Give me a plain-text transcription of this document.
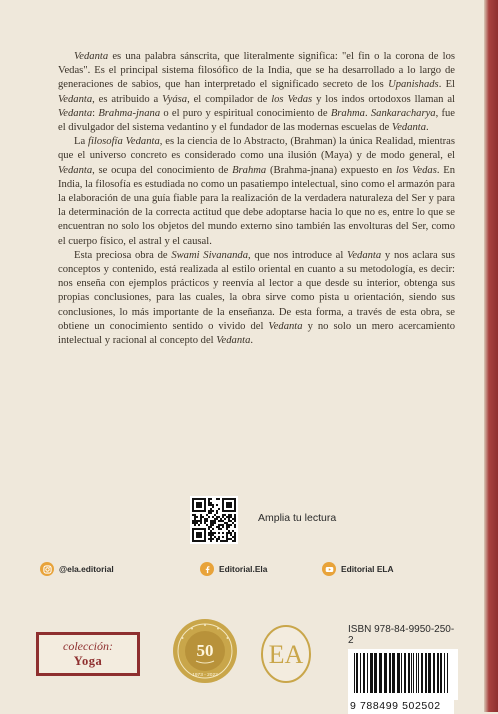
Vedanta es una palabra sánscrita, que literalmente significa: "el fin o la corona de los Vedas". Es el principal sistema filosófico de la India, que se ha desarrollado a lo largo de generaciones de sabios, que han interpretado el significado secreto de los Upanishads. El Vedanta, es atribuido a Vyása, el compilador de los Vedas y los indos ortodoxos llaman al Vedanta: Brahma-jnana o el puro y espiritual conocimiento de Brahma. Sankaracharya, fue el divulgador del sistema vedantino y el fundador de las modernas escuelas de Vedanta.

La filosofía Vedanta, es la ciencia de lo Abstracto, (Brahman) la única Realidad, mientras que el universo concreto es considerado como una ilusión (Maya) y de modo general, el Vedanta, se ocupa del conocimiento de Brahma (Brahma-jnana) expuesto en los Vedas. En India, la filosofía es estudiada no como un pasatiempo intelectual, sino como el armazón para la elaboración de una guía fiable para la realización de la verdadera naturaleza del Ser y para la determinación de la correcta actitud que debe adoptarse hacia lo que no es, entre lo que se encuentran no solo los objetos del mundo externo sino también las envolturas del Ser, como el cuerpo físico, el astral y el causal.

Esta preciosa obra de Swami Sivananda, que nos introduce al Vedanta y nos aclara sus conceptos y contenido, está realizada al estilo oriental en cuanto a su metodología, es decir: nos enseña con ejemplos prácticos y reenvía al lector a que desde su interior, obtenga sus propias conclusiones, para las cuales, la obra sirve como pista u orientación, siendo sus conclusiones, lo más importante de la enseñanza. De esta forma, a través de esta obra, se obtiene un conocimiento sentido o vivido del Vedanta y no solo un mero acercamiento intelectual y racional al concepto del Vedanta.

Amplia tu lectura
@ela.editorial	Editorial.Ela	Editorial ELA
colección:
Yoga
50
1973 - 2023
EA
ISBN 978-84-9950-250-2
9 788499 502502
